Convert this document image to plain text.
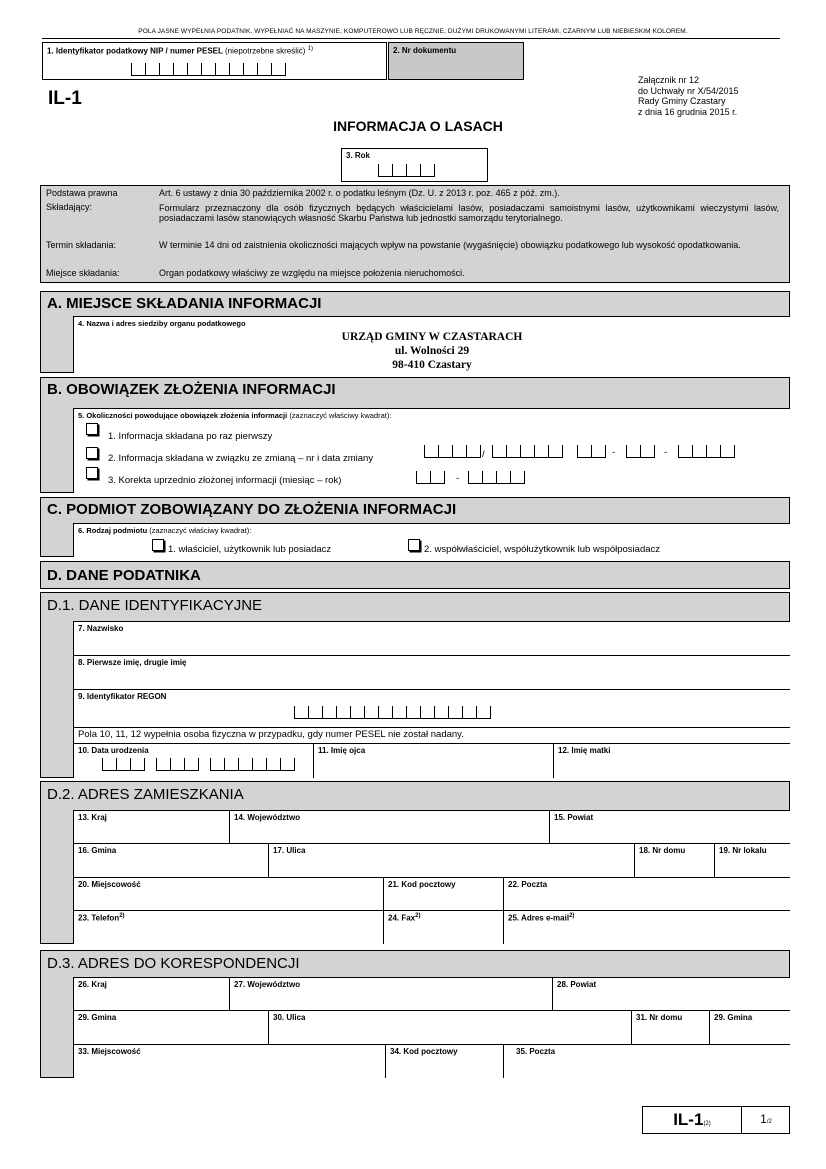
POLA JASNE WYPEŁNIA PODATNIK. WYPEŁNIAĆ NA MASZYNIE, KOMPUTEROWO LUB RĘCZNIE, DUŻYMI DRUKOWANYMI LITERAMI, CZARNYM LUB NIEBIESKIM KOLOREM.
1. Identyfikator podatkowy NIP / numer PESEL (niepotrzebne skreślić) $^{1)}$	2. Nr dokumentu
IL-1
Załącznik nr 12
do Uchwały nr X/54/2015
Rady Gminy Czastary
z dnia 16 grudnia 2015 r.
INFORMACJA O LASACH
3. Rok
Podstawa prawna	Art. 6 ustawy z dnia 30 października 2002 r. o podatku leśnym (Dz. U. z 2013 r. poz. 465 z póź. zm.).
Składający:	Formularz przeznaczony dla osób fizycznych będących właścicielami lasów, posiadaczami samoistnymi lasów, użytkownikami wieczystymi lasów, posiadaczami lasów stanowiących własność Skarbu Państwa lub jednostki samorządu terytorialnego.
Termin składania:	W terminie 14 dni od zaistnienia okoliczności mających wpływ na powstanie (wygaśnięcie) obowiązku podatkowego lub wysokość opodatkowania.
Miejsce składania:	Organ podatkowy właściwy ze względu na miejsce położenia nieruchomości.
A. MIEJSCE SKŁADANIA INFORMACJI
4. Nazwa i adres siedziby organu podatkowego
URZĄD GMINY W CZASTARACH
ul. Wolności 29
98-410 Czastary
B. OBOWIĄZEK ZŁOŻENIA INFORMACJI
5. Okoliczności powodujące obowiązek złożenia informacji (zaznaczyć właściwy kwadrat):
1. Informacja składana po raz pierwszy
2. Informacja składana w związku ze zmianą – nr i data zmiany	/	-	-
3. Korekta uprzednio złożonej informacji (miesiąc – rok)	-
C. PODMIOT ZOBOWIĄZANY DO ZŁOŻENIA INFORMACJI
6. Rodzaj podmiotu (zaznaczyć właściwy kwadrat):
1. właściciel, użytkownik lub posiadacz	2. współwłaściciel, współużytkownik lub współposiadacz
D. DANE PODATNIKA
D.1. DANE IDENTYFIKACYJNE
7. Nazwisko
8. Pierwsze imię, drugie imię
9. Identyfikator REGON
Pola 10, 11, 12 wypełnia osoba fizyczna w przypadku, gdy numer PESEL nie został nadany.
10. Data urodzenia	11. Imię ojca	12. Imię matki
D.2. ADRES ZAMIESZKANIA
13. Kraj	14. Województwo	15. Powiat
16. Gmina	17. Ulica	18. Nr domu	19. Nr lokalu
20. Miejscowość	21. Kod pocztowy	22. Poczta
23. Telefon$^{2)}$	24. Fax$^{2)}$	25. Adres e-mail$^{2)}$
D.3. ADRES DO KORESPONDENCJI
26. Kraj	27. Województwo	28. Powiat
29. Gmina	30. Ulica	31. Nr domu	29. Gmina
33. Miejscowość	34. Kod pocztowy	35. Poczta
IL-1(2)	1/2
